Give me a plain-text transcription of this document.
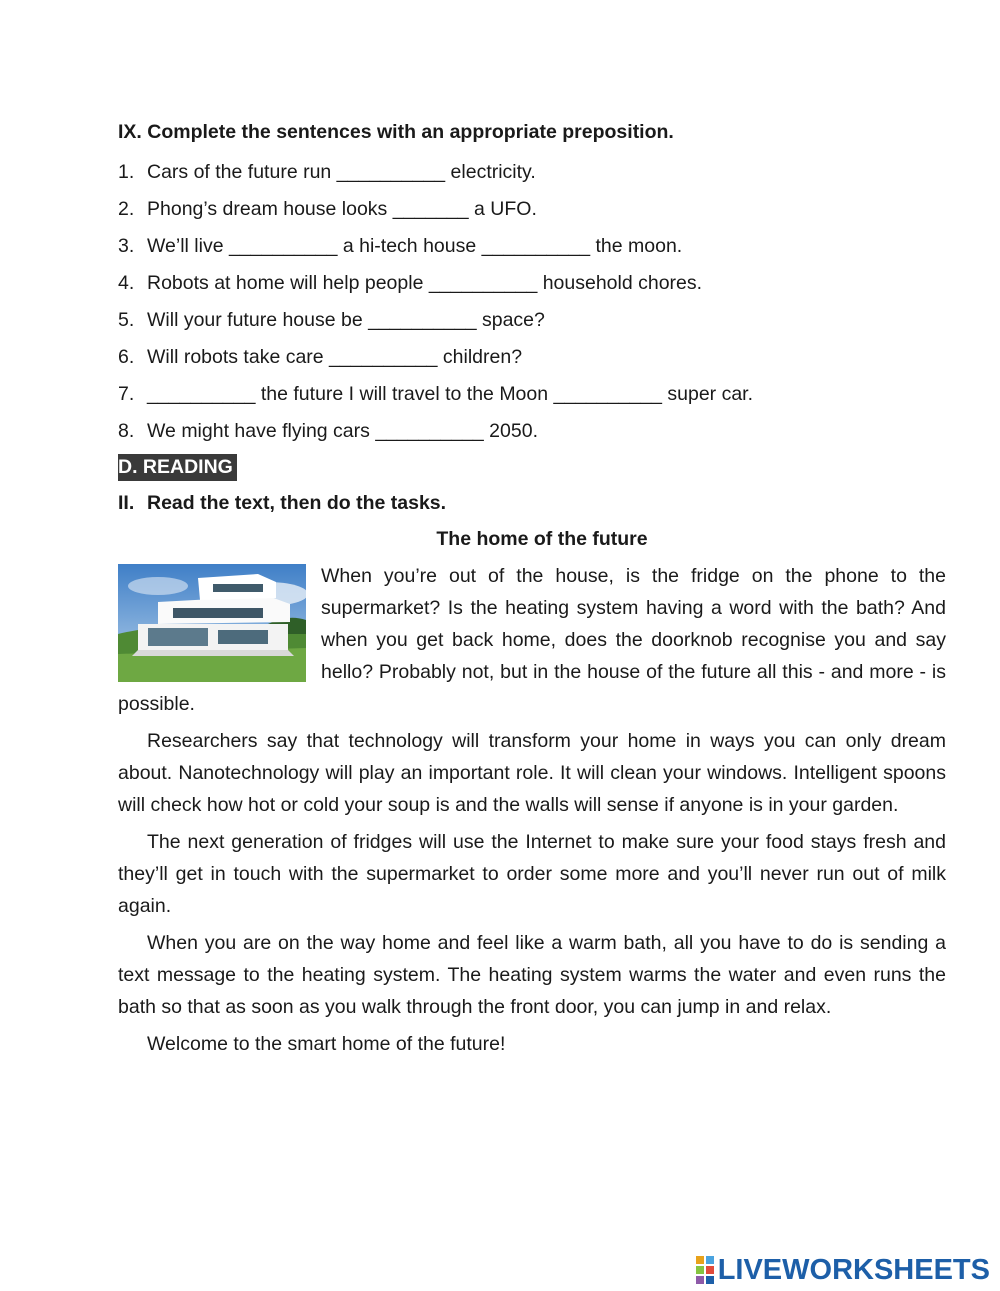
IX. Complete the sentences with an appropriate preposition.

1. Cars of the future run __________ electricity.
2. Phong’s dream house looks _______ a UFO.
3. We’ll live __________ a hi-tech house __________ the moon.
4. Robots at home will help people __________ household chores.
5. Will your future house be __________ space?
6. Will robots take care __________ children?
7. __________ the future I will travel to the Moon __________ super car.
8. We might have flying cars __________ 2050.
D. READING

II. Read the text, then do the tasks.

The home of the future

When you’re out of the house, is the fridge on the phone to the supermarket? Is the heating system having a word with the bath? And when you get back home, does the doorknob recognise you and say hello? Probably not, but in the house of the future all this - and more - is possible.

Researchers say that technology will transform your home in ways you can only dream about. Nanotechnology will play an important role. It will clean your windows. Intelligent spoons will check how hot or cold your soup is and the walls will sense if anyone is in your garden.

The next generation of fridges will use the Internet to make sure your food stays fresh and they’ll get in touch with the supermarket to order some more and you’ll never run out of milk again.

When you are on the way home and feel like a warm bath, all you have to do is sending a text message to the heating system. The heating system warms the water and even runs the bath so that as soon as you walk through the front door, you can jump in and relax.

Welcome to the smart home of the future!

LIVEWORKSHEETS
